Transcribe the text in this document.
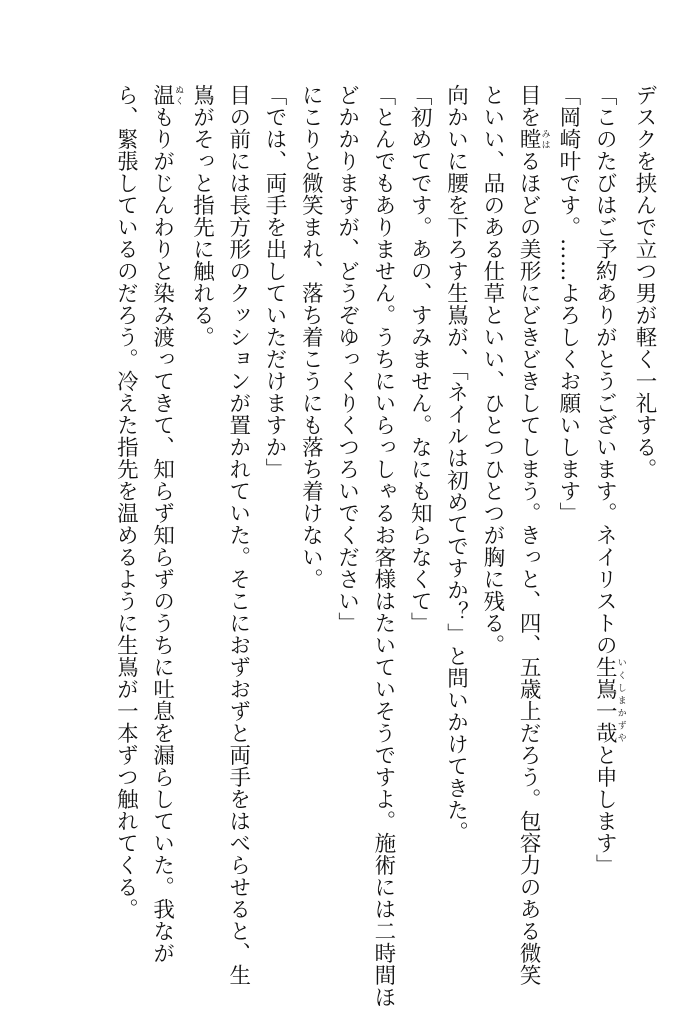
デスクを挟んで立つ男が軽く一礼する。
「このたびはご予約ありがとうございます。ネイリストの生嶌一哉いくしまかずやと申します」
「岡崎叶です。……よろしくお願いします」
目を瞠みはるほどの美形にどきどきしてしまう。きっと、四、五歳上だろう。包容力のある微笑
といい、品のある仕草といい、ひとつひとつが胸に残る。
向かいに腰を下ろす生嶌が、「ネイルは初めてですか？」と問いかけてきた。
「初めてです。あの、すみません。なにも知らなくて」
「とんでもありません。うちにいらっしゃるお客様はたいていそうですよ。施術には二時間ほ
どかかりますが、どうぞゆっくりくつろいでください」
にこりと微笑まれ、落ち着こうにも落ち着けない。
「では、両手を出していただけますか」
目の前には長方形のクッションが置かれていた。そこにおずおずと両手をはべらせると、生
嶌がそっと指先に触れる。
温ぬくもりがじんわりと染み渡ってきて、知らず知らずのうちに吐息を漏らしていた。我なが
ら、緊張しているのだろう。冷えた指先を温めるように生嶌が一本ずつ触れてくる。
